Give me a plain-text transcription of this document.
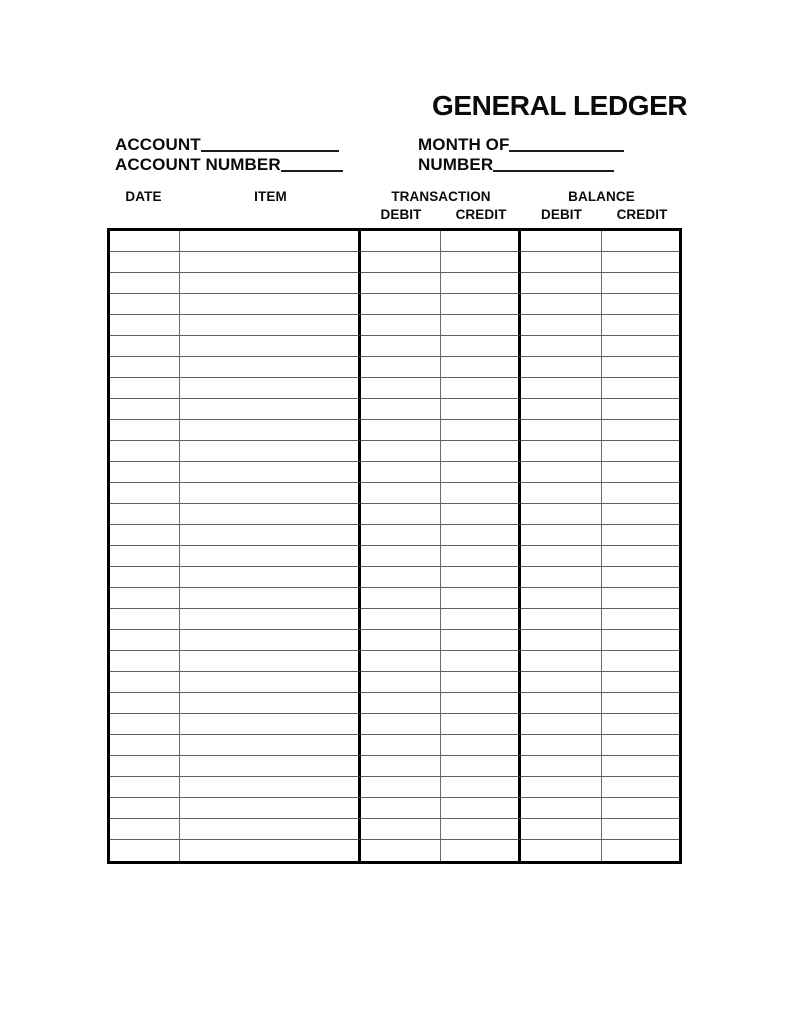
GENERAL LEDGER
ACCOUNT
ACCOUNT NUMBER
MONTH OF
NUMBER
DATE	ITEM	TRANSACTION	BALANCE
DEBIT	CREDIT	DEBIT	CREDIT
